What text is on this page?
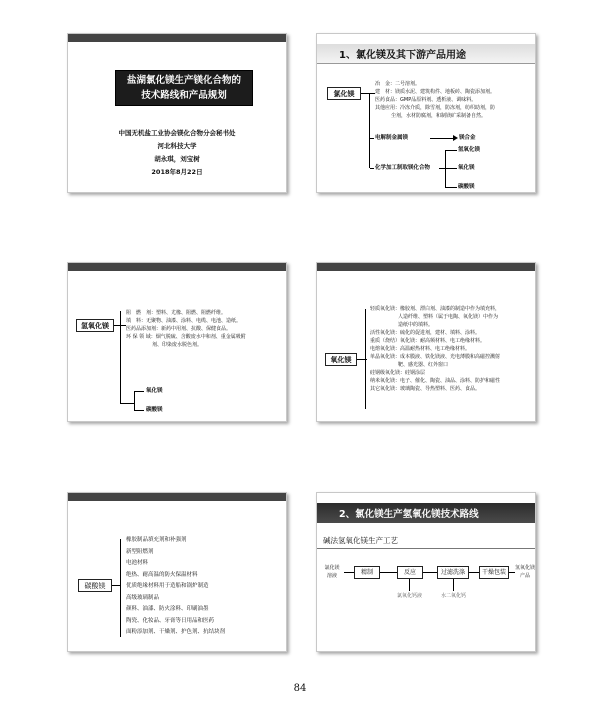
盐湖氯化镁生产镁化合物的
技术路线和产品规划
中国无机盐工业协会镁化合物分会秘书处
河北科技大学
胡永琪，刘宝树
2018年8月22日
1、氯化镁及其下游产品用途
氯化镁
冶　金：二号溶剂。
建　材：镁质水泥、建筑构件、地板砖、陶瓷添加剂。
医药食品：GMP品原料剂、透析液、调味料。
其他应用：冷冻介质，除雪剂，防冻剂，纺织助剂，防
尘剂，水材防腐剂，和制镁矿采制备自然。
电解制金属镁	镁合金
化学加工制取镁化合物
氢氧化镁
氧化镁
碳酸镁
氢氧化镁
阻　燃　剂：塑料、尤橡、阻燃、阻燃纤维。
填　料：无聚物、油漆、涂料、电缆、电池、造纸。
医药品添加剂：新药中用剂、抗酸、保健食品。
环 保 领 域：烟气脱硫、含酸废水中和剂、重金属吸附
剂、印染废水脱色剂。
氧化镁
碳酸镁
氧化镁
轻质氧化镁：橡胶剂、漂白剂、油漆的制造中作为填充料，
人造纤维、塑料（属于电陶、氧化镁）中作为
造纸中的填料。
活性氧化镁：硫化的促进剂，建材、填料、涂料。
重质（烧结）氧化镁：耐高频材料、电工绝缘材料。
电熔氧化镁：高温耐热材料、电工绝缘材料。
单晶氧化镁：成本膜液、铁化镁液、光电薄膜和高磁控溅射
靶、感光器、红外窗口
硅钢级氧化镁：硅钢涂层
纳米氧化镁：电子、催化、陶瓷、油品、涂料、防护和磁性
其它氧化镁：玻璃陶瓷、导热塑料、医药、食品。
碳酸镁
橡胶制品填充剂和补强剂
新型阻燃剂
电池材料
绝热、耐高温的防火保温材料
优质绝缘材料用于造船和锅炉制造
高级玻璃制品
颜料、油漆、防火涂料、印刷油墨
陶瓷、化妆品、牙膏等日用品和医药
面粉添加剂、干燥剂、护色剂、抗结块剂
2、氯化镁生产氢氧化镁技术路线
碱法氢氧化镁生产工艺
氯化镁
溶液	精制	反应	过滤洗涤	干燥包装
氢氧化镁
产品
氯氧化钙液	水二氧化钙
84
